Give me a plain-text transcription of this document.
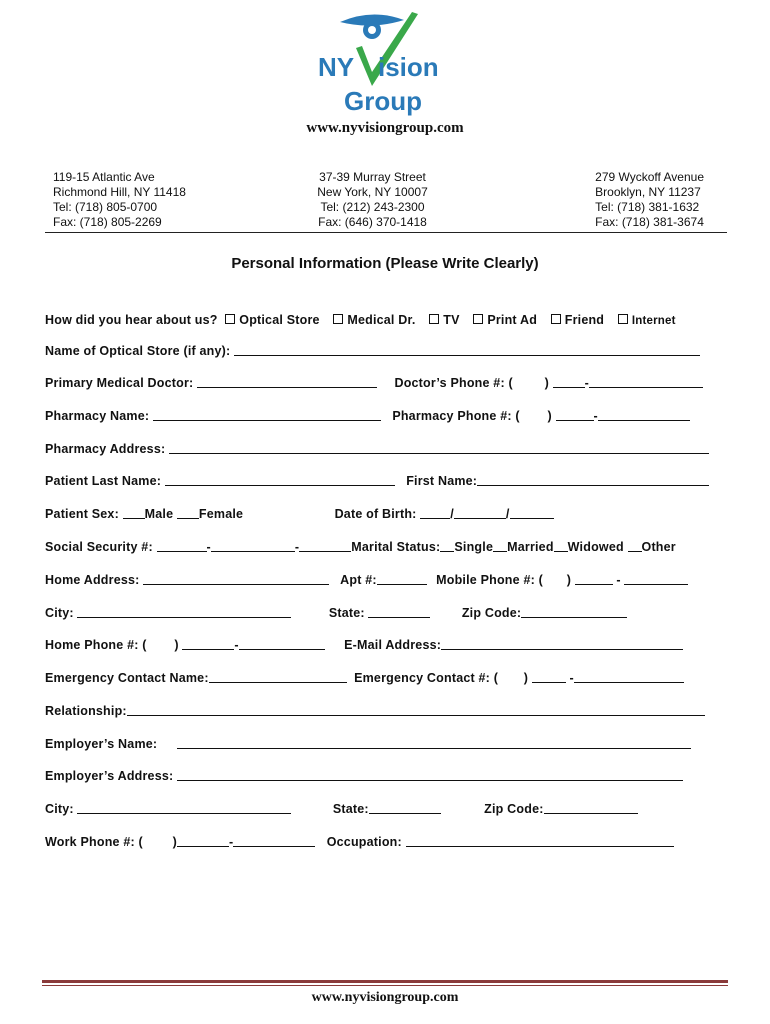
NY ision
Group
www.nyvisiongroup.com
119-15 Atlantic Ave
Richmond Hill, NY 11418
Tel: (718) 805-0700
Fax: (718) 805-2269
37-39 Murray Street
New York, NY 10007
Tel: (212) 243-2300
Fax: (646) 370-1418
279 Wyckoff Avenue
Brooklyn, NY 11237
Tel: (718) 381-1632
Fax: (718) 381-3674
Personal Information (Please Write Clearly)
How did you hear about us? Optical Store Medical Dr. TV Print Ad Friend Internet
Name of Optical Store (if any):
Primary Medical Doctor:	Doctor’s Phone #: (	)	-
Pharmacy Name:	Pharmacy Phone #: ( )	-
Pharmacy Address:
Patient Last Name:	First Name:
Patient Sex: Male Female	Date of Birth:	/	/
Social Security #:	-	-	Marital Status: Single Married Widowed Other
Home Address:	Apt #:	Mobile Phone #: ( )	-
City:	State:	Zip Code:
Home Phone #: ( )	-	E-Mail Address:
Emergency Contact Name:	Emergency Contact #: ( )	-
Relationship:
Employer’s Name:
Employer’s Address:
City:	State:	Zip Code:
Work Phone #: ( )	-	Occupation:
www.nyvisiongroup.com
